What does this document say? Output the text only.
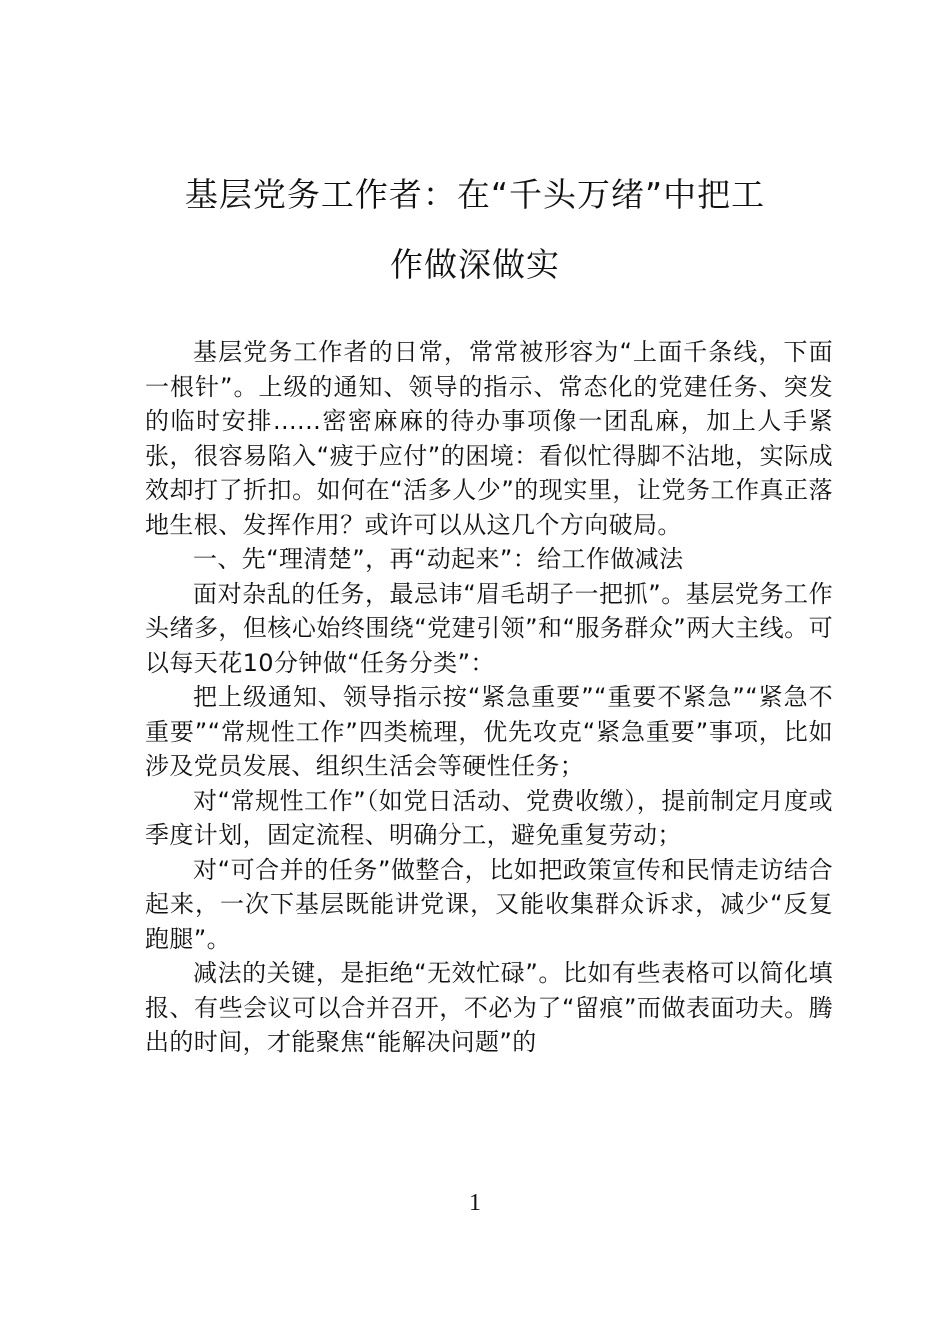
基层党务工作者：在“千头万绪”中把工
作做深做实

基层党务工作者的日常，常常被形容为“上面千条线，下面一根针”。上级的通知、领导的指示、常态化的党建任务、突发的临时安排......密密麻麻的待办事项像一团乱麻，加上人手紧张，很容易陷入“疲于应付”的困境：看似忙得脚不沾地，实际成效却打了折扣。如何在“活多人少”的现实里，让党务工作真正落地生根、发挥作用？或许可以从这几个方向破局。

一、先“理清楚”，再“动起来”：给工作做减法

面对杂乱的任务，最忌讳“眉毛胡子一把抓”。基层党务工作头绪多，但核心始终围绕“党建引领”和“服务群众”两大主线。可以每天花10分钟做“任务分类”：

把上级通知、领导指示按“紧急重要”“重要不紧急”“紧急不重要”“常规性工作”四类梳理，优先攻克“紧急重要”事项，比如涉及党员发展、组织生活会等硬性任务；

对“常规性工作”（如党日活动、党费收缴），提前制定月度或季度计划，固定流程、明确分工，避免重复劳动；

对“可合并的任务”做整合，比如把政策宣传和民情走访结合起来，一次下基层既能讲党课，又能收集群众诉求，减少“反复跑腿”。

减法的关键，是拒绝“无效忙碌”。比如有些表格可以简化填报、有些会议可以合并召开，不必为了“留痕”而做表面功夫。腾出的时间，才能聚焦“能解决问题”的

1
